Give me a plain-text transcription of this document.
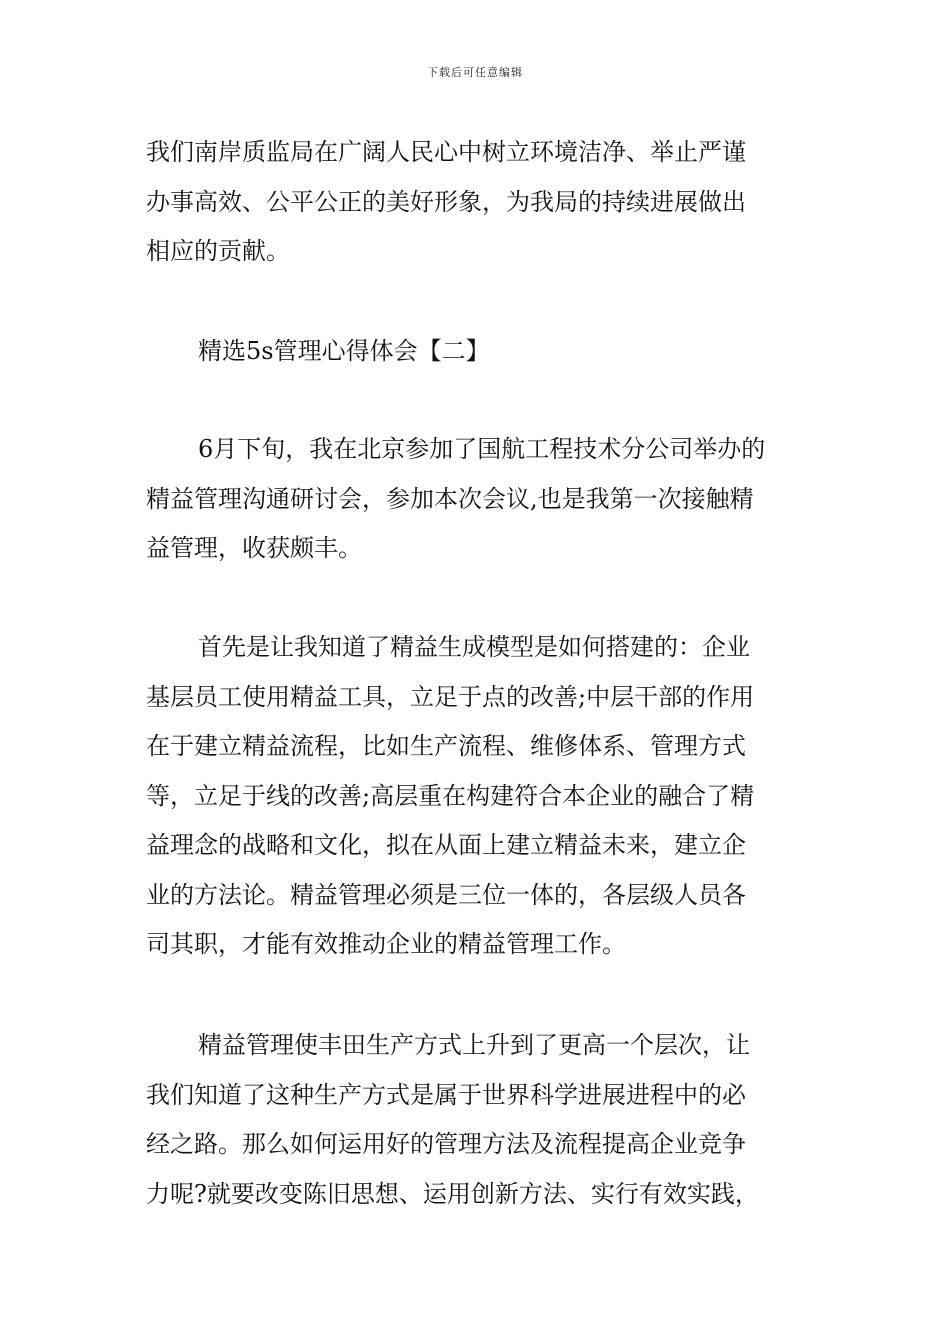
下载后可任意编辑
我们南岸质监局在广阔人民心中树立环境洁净、举止严谨
办事高效、公平公正的美好形象，为我局的持续进展做出
相应的贡献。
精选5s管理心得体会【二】
6月下旬，我在北京参加了国航工程技术分公司举办的
精益管理沟通研讨会，参加本次会议,也是我第一次接触精
益管理，收获颇丰。
首先是让我知道了精益生成模型是如何搭建的：企业
基层员工使用精益工具，立足于点的改善;中层干部的作用
在于建立精益流程，比如生产流程、维修体系、管理方式
等，立足于线的改善;高层重在构建符合本企业的融合了精
益理念的战略和文化，拟在从面上建立精益未来，建立企
业的方法论。精益管理必须是三位一体的，各层级人员各
司其职，才能有效推动企业的精益管理工作。
精益管理使丰田生产方式上升到了更高一个层次，让
我们知道了这种生产方式是属于世界科学进展进程中的必
经之路。那么如何运用好的管理方法及流程提高企业竞争
力呢?就要改变陈旧思想、运用创新方法、实行有效实践，
